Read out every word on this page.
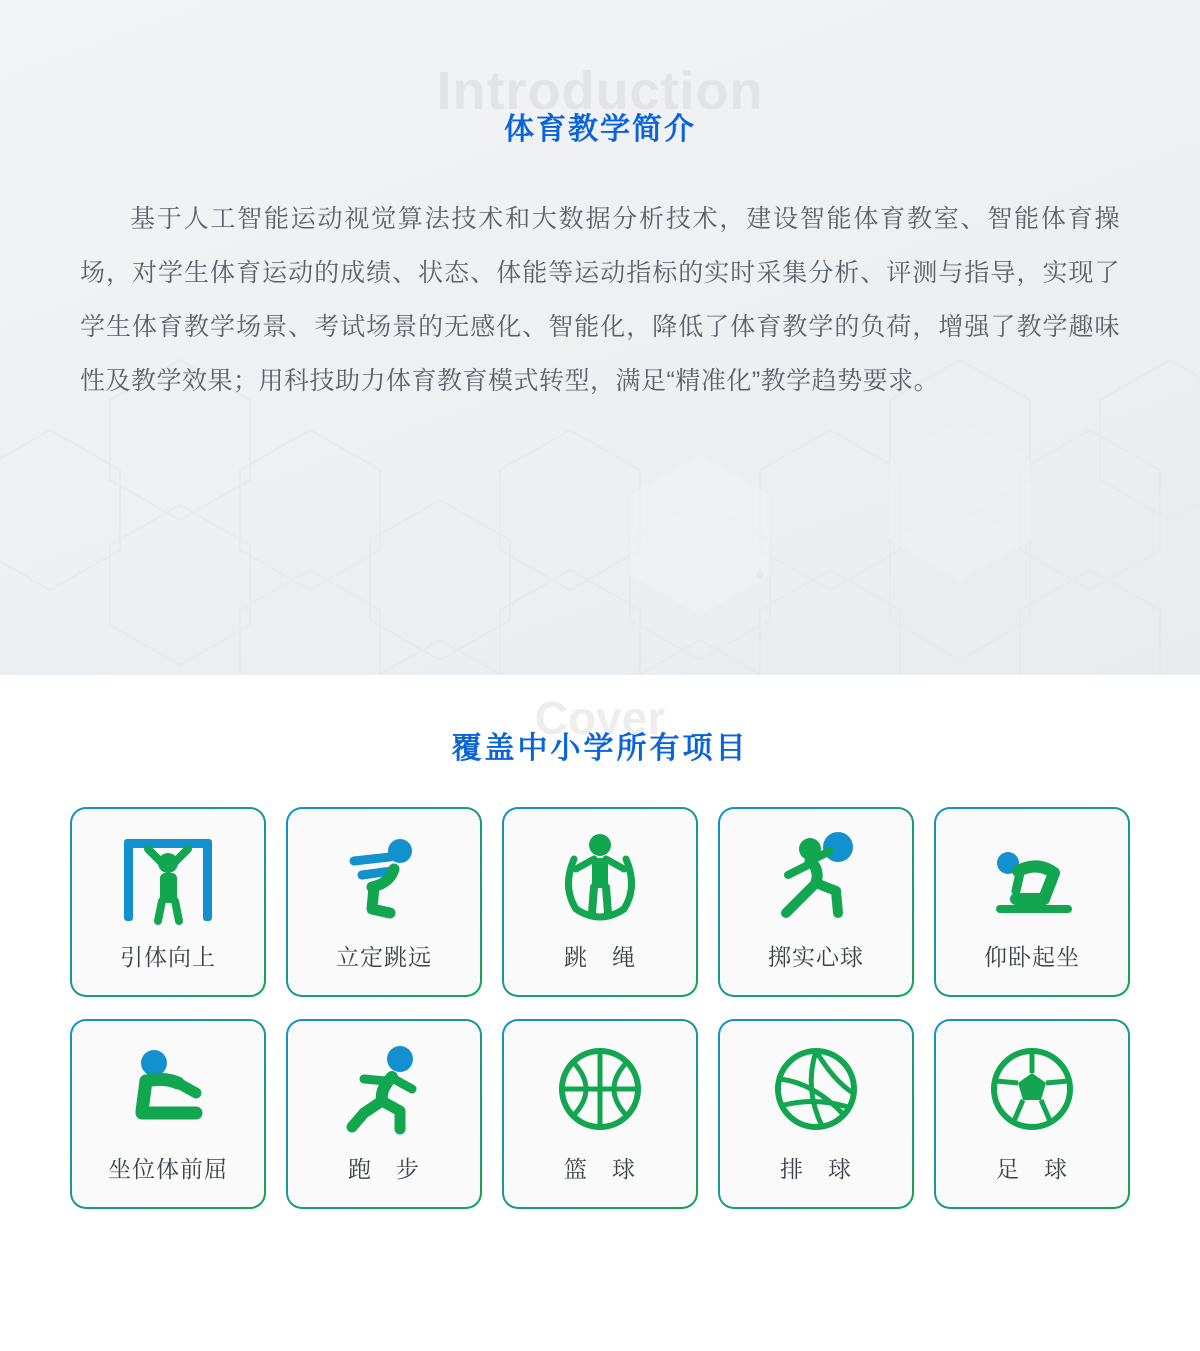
Introduction
体育教学简介

基于人工智能运动视觉算法技术和大数据分析技术，建设智能体育教室、智能体育操场，对学生体育运动的成绩、状态、体能等运动指标的实时采集分析、评测与指导，实现了学生体育教学场景、考试场景的无感化、智能化，降低了体育教学的负荷，增强了教学趣味性及教学效果；用科技助力体育教育模式转型，满足“精准化”教学趋势要求。

Cover
覆盖中小学所有项目
引体向上	立定跳远	跳　绳	掷实心球	仰卧起坐
坐位体前屈	跑　步	篮　球	排　球	足　球
